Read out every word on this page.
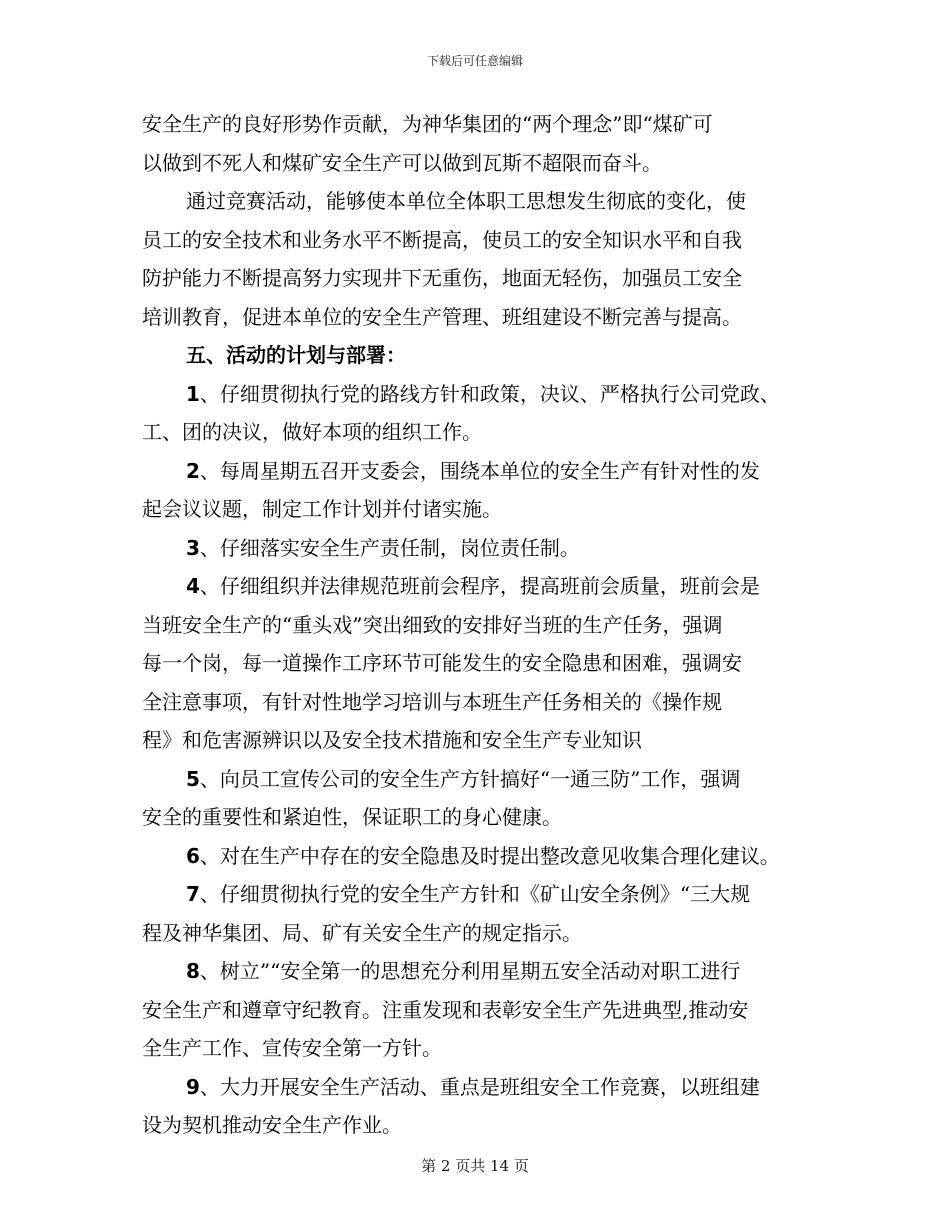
下载后可任意编辑
安全生产的良好形势作贡献，为神华集团的“两个理念”即“煤矿可
以做到不死人和煤矿安全生产可以做到瓦斯不超限而奋斗。
通过竞赛活动，能够使本单位全体职工思想发生彻底的变化，使
员工的安全技术和业务水平不断提高，使员工的安全知识水平和自我
防护能力不断提高努力实现井下无重伤，地面无轻伤，加强员工安全
培训教育，促进本单位的安全生产管理、班组建设不断完善与提高。
五、活动的计划与部署：
1、仔细贯彻执行党的路线方针和政策，决议、严格执行公司党政、
工、团的决议，做好本项的组织工作。
2、每周星期五召开支委会，围绕本单位的安全生产有针对性的发
起会议议题，制定工作计划并付诸实施。
3、仔细落实安全生产责任制，岗位责任制。
4、仔细组织并法律规范班前会程序，提高班前会质量，班前会是
当班安全生产的“重头戏”突出细致的安排好当班的生产任务，强调
每一个岗，每一道操作工序环节可能发生的安全隐患和困难，强调安
全注意事项，有针对性地学习培训与本班生产任务相关的《操作规
程》和危害源辨识以及安全技术措施和安全生产专业知识
5、向员工宣传公司的安全生产方针搞好“一通三防”工作，强调
安全的重要性和紧迫性，保证职工的身心健康。
6、对在生产中存在的安全隐患及时提出整改意见收集合理化建议。
7、仔细贯彻执行党的安全生产方针和《矿山安全条例》“三大规
程及神华集团、局、矿有关安全生产的规定指示。
8、树立”“安全第一的思想充分利用星期五安全活动对职工进行
安全生产和遵章守纪教育。注重发现和表彰安全生产先进典型,推动安
全生产工作、宣传安全第一方针。
9、大力开展安全生产活动、重点是班组安全工作竞赛，以班组建
设为契机推动安全生产作业。
第 2 页共 14 页
